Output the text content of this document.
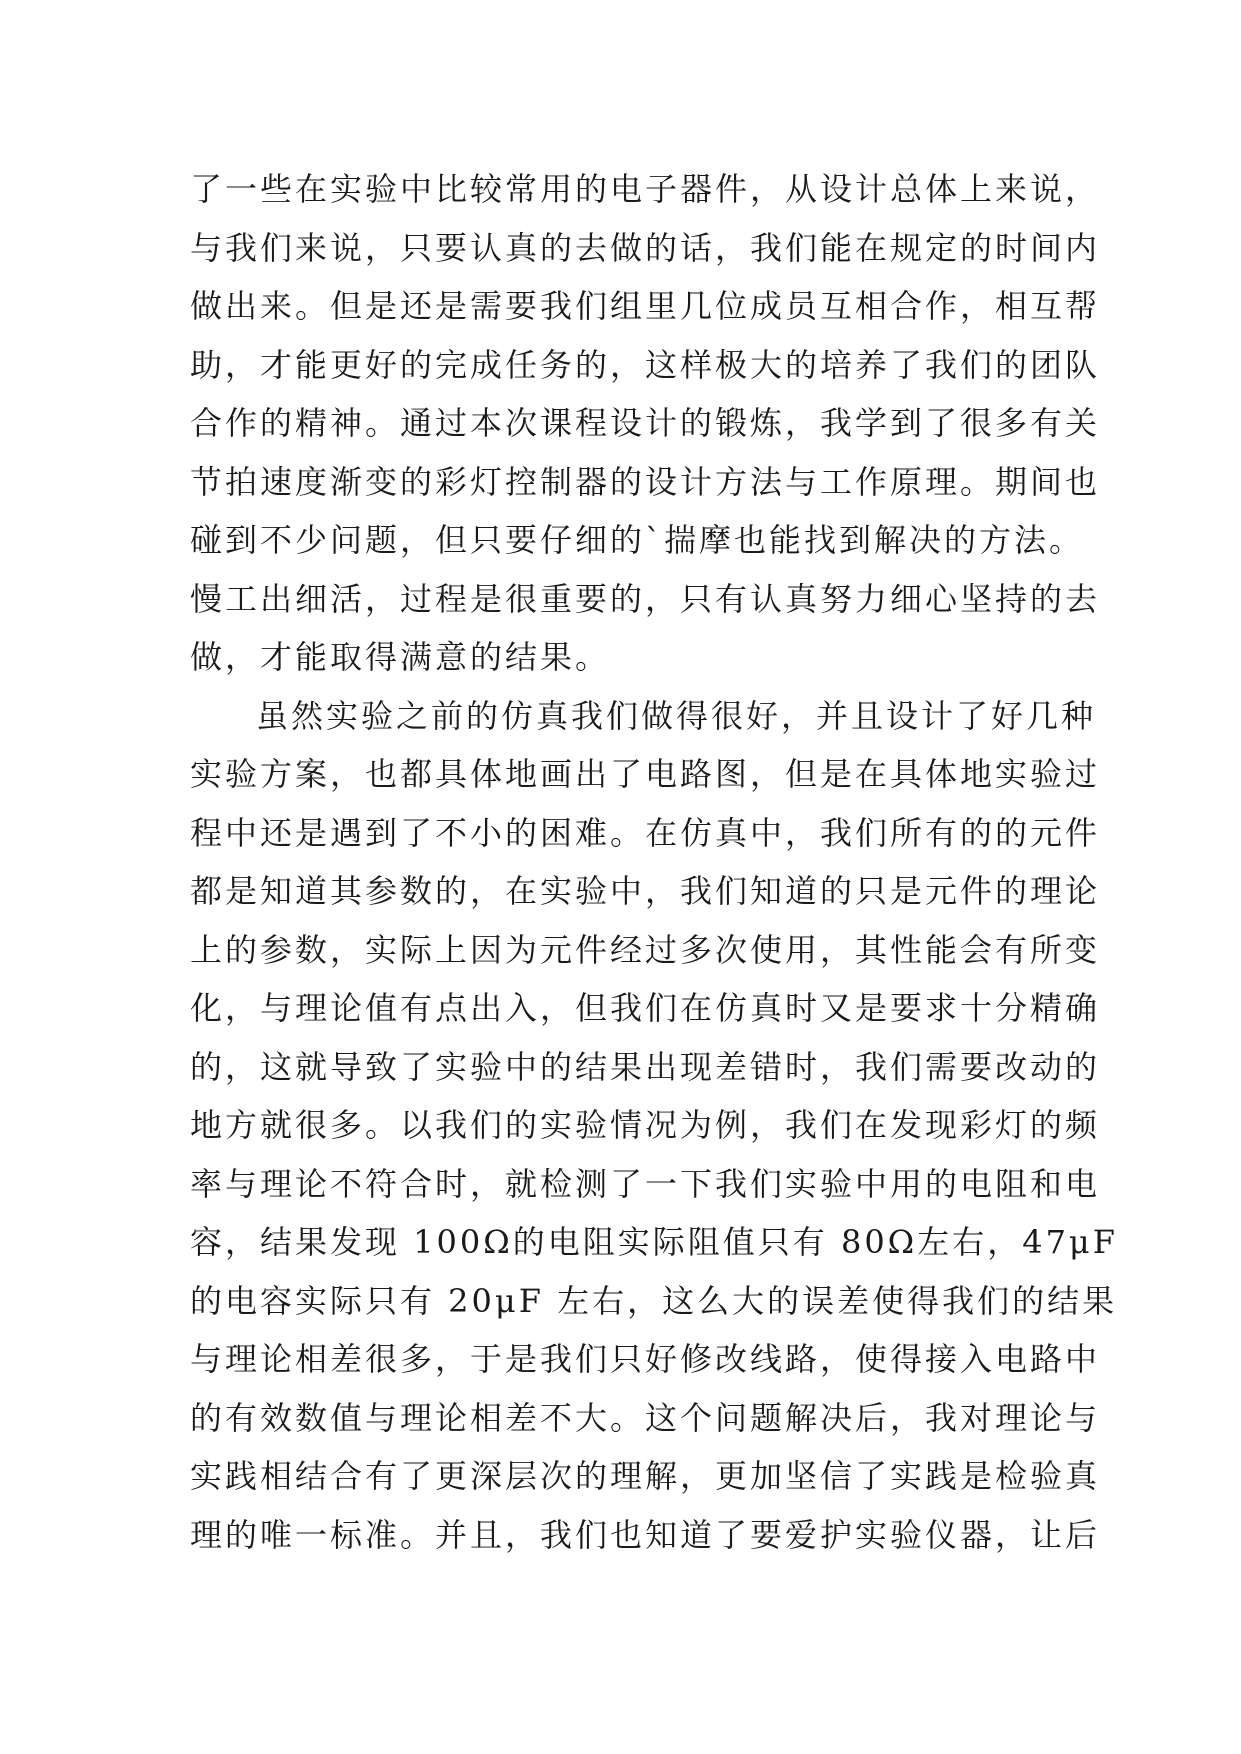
了一些在实验中比较常用的电子器件，从设计总体上来说，
与我们来说，只要认真的去做的话，我们能在规定的时间内
做出来。但是还是需要我们组里几位成员互相合作，相互帮
助，才能更好的完成任务的，这样极大的培养了我们的团队
合作的精神。通过本次课程设计的锻炼，我学到了很多有关
节拍速度渐变的彩灯控制器的设计方法与工作原理。期间也
碰到不少问题，但只要仔细的`揣摩也能找到解决的方法。
慢工出细活，过程是很重要的，只有认真努力细心坚持的去
做，才能取得满意的结果。
虽然实验之前的仿真我们做得很好，并且设计了好几种
实验方案，也都具体地画出了电路图，但是在具体地实验过
程中还是遇到了不小的困难。在仿真中，我们所有的的元件
都是知道其参数的，在实验中，我们知道的只是元件的理论
上的参数，实际上因为元件经过多次使用，其性能会有所变
化，与理论值有点出入，但我们在仿真时又是要求十分精确
的，这就导致了实验中的结果出现差错时，我们需要改动的
地方就很多。以我们的实验情况为例，我们在发现彩灯的频
率与理论不符合时，就检测了一下我们实验中用的电阻和电
容，结果发现 100Ω的电阻实际阻值只有 80Ω左右，47μF
的电容实际只有 20μF 左右，这么大的误差使得我们的结果
与理论相差很多，于是我们只好修改线路，使得接入电路中
的有效数值与理论相差不大。这个问题解决后，我对理论与
实践相结合有了更深层次的理解，更加坚信了实践是检验真
理的唯一标准。并且，我们也知道了要爱护实验仪器，让后
